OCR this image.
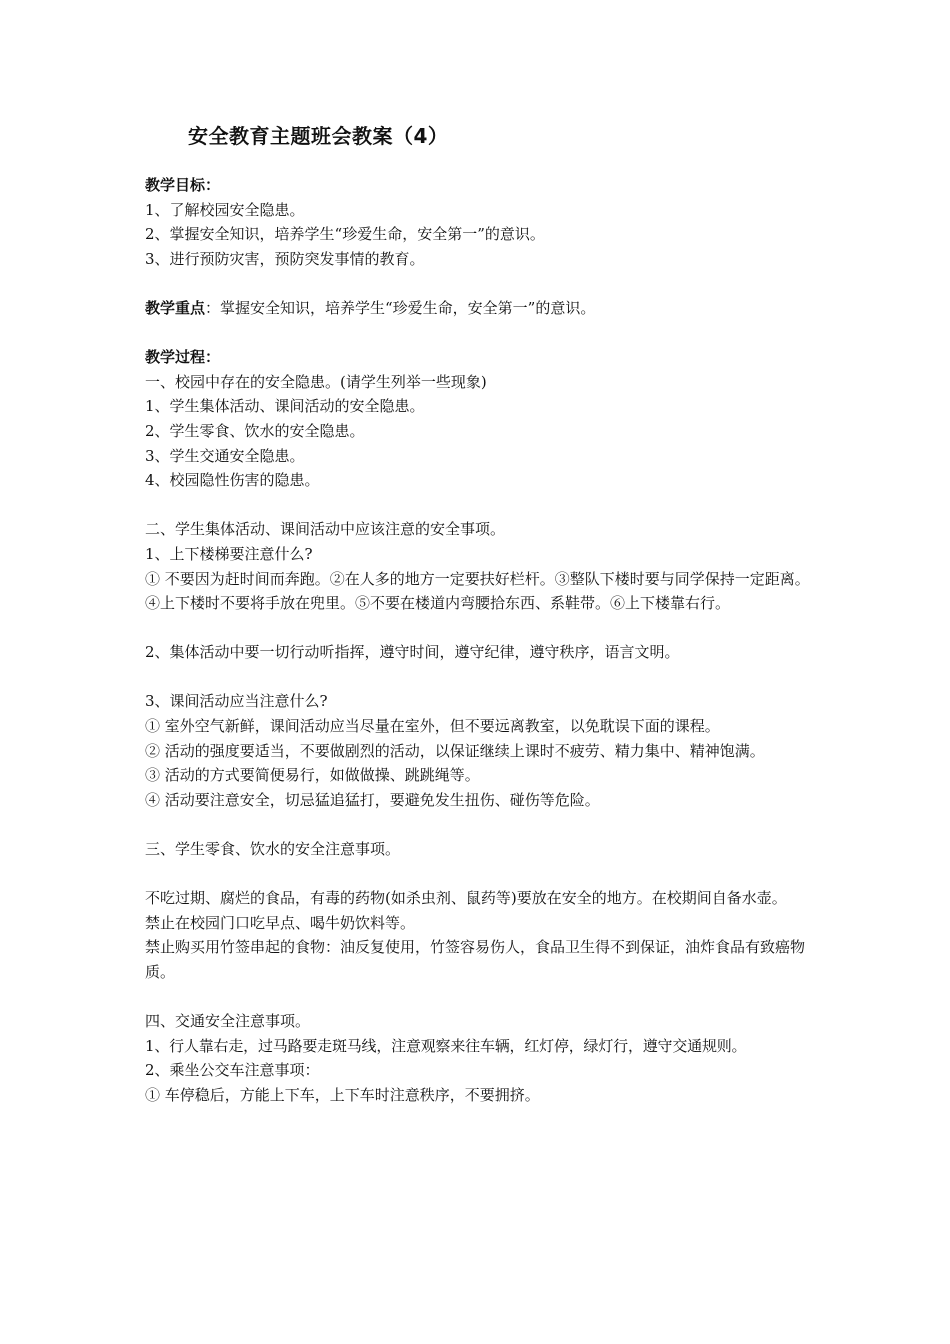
安全教育主题班会教案（4）

教学目标：

1、了解校园安全隐患。

2、掌握安全知识，培养学生“珍爱生命，安全第一”的意识。

3、进行预防灾害，预防突发事情的教育。

教学重点：掌握安全知识，培养学生“珍爱生命，安全第一”的意识。

教学过程：

一、校园中存在的安全隐患。(请学生列举一些现象)

1、学生集体活动、课间活动的安全隐患。

2、学生零食、饮水的安全隐患。

3、学生交通安全隐患。

4、校园隐性伤害的隐患。

二、学生集体活动、课间活动中应该注意的安全事项。

1、上下楼梯要注意什么?

① 不要因为赶时间而奔跑。②在人多的地方一定要扶好栏杆。③整队下楼时要与同学保持一定距离。④上下楼时不要将手放在兜里。⑤不要在楼道内弯腰拾东西、系鞋带。⑥上下楼靠右行。

2、集体活动中要一切行动听指挥，遵守时间，遵守纪律，遵守秩序，语言文明。

3、课间活动应当注意什么?

① 室外空气新鲜，课间活动应当尽量在室外，但不要远离教室，以免耽误下面的课程。

② 活动的强度要适当，不要做剧烈的活动，以保证继续上课时不疲劳、精力集中、精神饱满。

③ 活动的方式要简便易行，如做做操、跳跳绳等。

④ 活动要注意安全，切忌猛追猛打，要避免发生扭伤、碰伤等危险。

三、学生零食、饮水的安全注意事项。

不吃过期、腐烂的食品，有毒的药物(如杀虫剂、鼠药等)要放在安全的地方。在校期间自备水壶。

禁止在校园门口吃早点、喝牛奶饮料等。

禁止购买用竹签串起的食物：油反复使用，竹签容易伤人，食品卫生得不到保证，油炸食品有致癌物质。

四、交通安全注意事项。

1、行人靠右走，过马路要走斑马线，注意观察来往车辆，红灯停，绿灯行，遵守交通规则。

2、乘坐公交车注意事项：

① 车停稳后，方能上下车，上下车时注意秩序，不要拥挤。
